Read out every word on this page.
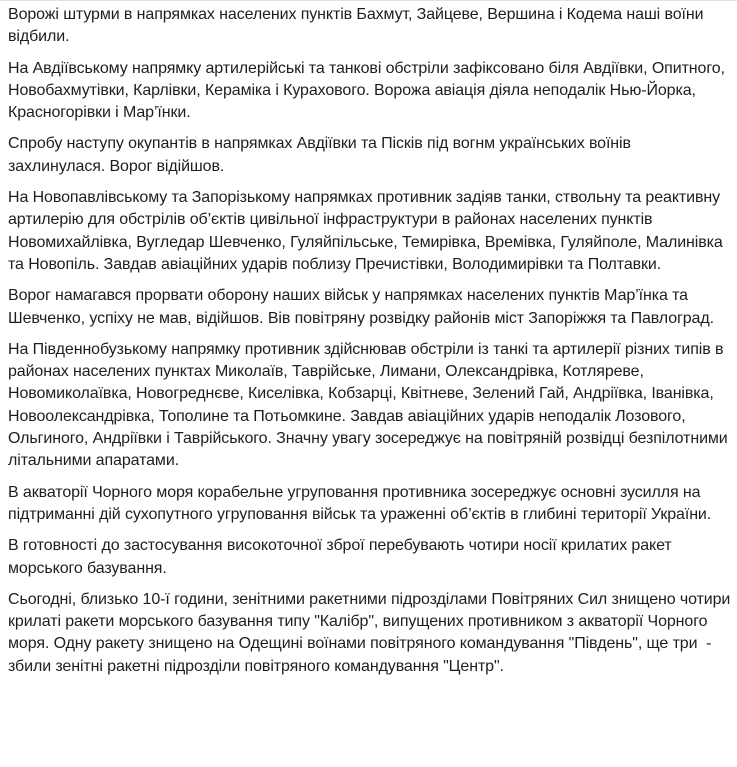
Ворожі штурми в напрямках населених пунктів Бахмут, Зайцеве, Вершина і Кодема наші воїни відбили.

На Авдіївському напрямку артилерійські та танкові обстріли зафіксовано біля Авдіївки, Опитного, Новобахмутівки, Карлівки, Кераміка і Курахового. Ворожа авіація діяла неподалік Нью-Йорка, Красногорівки і Мар’їнки.

Спробу наступу окупантів в напрямках Авдіївки та Пісків під вогнм українських воїнів захлинулася. Ворог відійшов.

На Новопавлівському та Запорізькому напрямках противник задіяв танки, ствольну та реактивну артилерію для обстрілів об’єктів цивільної інфраструктури в районах населених пунктів Новомихайлівка, Вугледар Шевченко, Гуляйпільське, Темирівка, Времівка, Гуляйполе, Малинівка та Новопіль. Завдав авіаційних ударів поблизу Пречистівки, Володимирівки та Полтавки.

Ворог намагався прорвати оборону наших військ у напрямках населених пунктів Мар’їнка та Шевченко, успіху не мав, відійшов. Вів повітряну розвідку районів міст Запоріжжя та Павлоград.

На Південнобузькому напрямку противник здійснював обстріли із танкі та артилерії різних типів в районах населених пунктах Миколаїв, Таврійське, Лимани, Олександрівка, Котляреве, Новомиколаївка, Новогреднєве, Киселівка, Кобзарці, Квітневе, Зелений Гай, Андріївка, Іванівка, Новоолександрівка, Тополине та Потьомкине. Завдав авіаційних ударів неподалік Лозового, Ольгиного, Андріївки і Таврійського. Значну увагу зосереджує на повітряній розвідці безпілотними літальними апаратами.

В акваторії Чорного моря корабельне угруповання противника зосереджує основні зусилля на підтриманні дій сухопутного угруповання військ та ураженні об’єктів в глибині території України.

В готовності до застосування високоточної зброї перебувають чотири носії крилатих ракет морського базування.

Сьогодні, близько 10-ї години, зенітними ракетними підрозділами Повітряних Сил знищено чотири крилаті ракети морського базування типу "Калібр", випущених противником з акваторії Чорного моря. Одну ракету знищено на Одещині воїнами повітряного командування "Південь", ще три  - збили зенітні ракетні підрозділи повітряного командування "Центр".
